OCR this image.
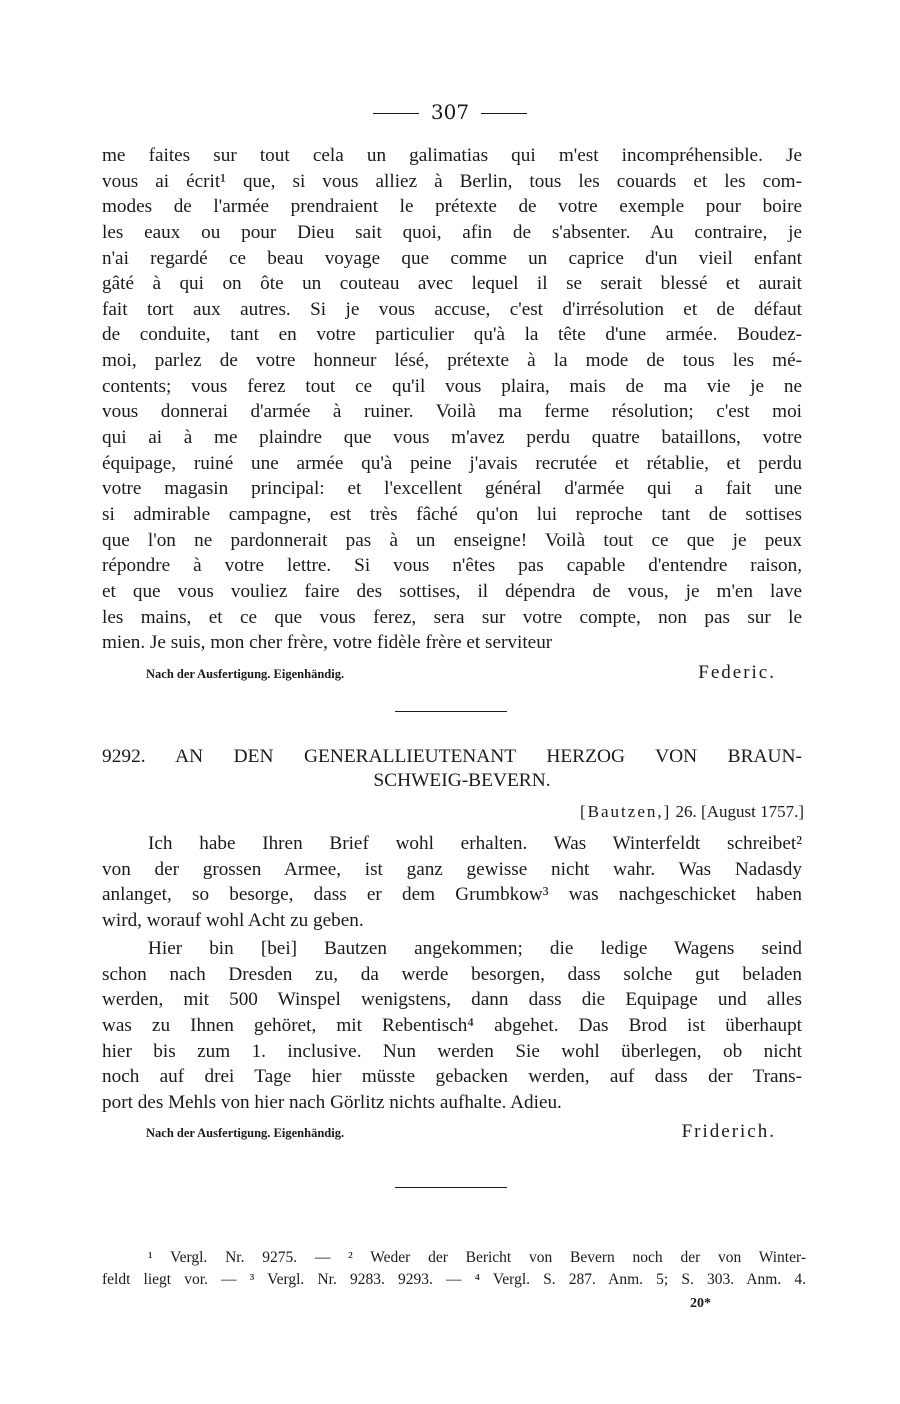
307
me faites sur tout cela un galimatias qui m'est incompréhensible. Je
vous ai écrit¹ que, si vous alliez à Berlin, tous les couards et les com-
modes de l'armée prendraient le prétexte de votre exemple pour boire
les eaux ou pour Dieu sait quoi, afin de s'absenter. Au contraire, je
n'ai regardé ce beau voyage que comme un caprice d'un vieil enfant
gâté à qui on ôte un couteau avec lequel il se serait blessé et aurait
fait tort aux autres. Si je vous accuse, c'est d'irrésolution et de défaut
de conduite, tant en votre particulier qu'à la tête d'une armée. Boudez-
moi, parlez de votre honneur lésé, prétexte à la mode de tous les mé-
contents; vous ferez tout ce qu'il vous plaira, mais de ma vie je ne
vous donnerai d'armée à ruiner. Voilà ma ferme résolution; c'est moi
qui ai à me plaindre que vous m'avez perdu quatre bataillons, votre
équipage, ruiné une armée qu'à peine j'avais recrutée et rétablie, et perdu
votre magasin principal: et l'excellent général d'armée qui a fait une
si admirable campagne, est très fâché qu'on lui reproche tant de sottises
que l'on ne pardonnerait pas à un enseigne! Voilà tout ce que je peux
répondre à votre lettre. Si vous n'êtes pas capable d'entendre raison,
et que vous vouliez faire des sottises, il dépendra de vous, je m'en lave
les mains, et ce que vous ferez, sera sur votre compte, non pas sur le
mien. Je suis, mon cher frère, votre fidèle frère et serviteur
Nach der Ausfertigung. Eigenhändig.	Federic.
9292. AN DEN GENERALLIEUTENANT HERZOG VON BRAUN-
SCHWEIG-BEVERN.
[Bautzen,] 26. [August 1757.]
Ich habe Ihren Brief wohl erhalten. Was Winterfeldt schreibet²
von der grossen Armee, ist ganz gewisse nicht wahr. Was Nadasdy
anlanget, so besorge, dass er dem Grumbkow³ was nachgeschicket haben
wird, worauf wohl Acht zu geben.
Hier bin [bei] Bautzen angekommen; die ledige Wagens seind
schon nach Dresden zu, da werde besorgen, dass solche gut beladen
werden, mit 500 Winspel wenigstens, dann dass die Equipage und alles
was zu Ihnen gehöret, mit Rebentisch⁴ abgehet. Das Brod ist überhaupt
hier bis zum 1. inclusive. Nun werden Sie wohl überlegen, ob nicht
noch auf drei Tage hier müsste gebacken werden, auf dass der Trans-
port des Mehls von hier nach Görlitz nichts aufhalte. Adieu.
Nach der Ausfertigung. Eigenhändig.	Friderich.
¹ Vergl. Nr. 9275. — ² Weder der Bericht von Bevern noch der von Winter-
feldt liegt vor. — ³ Vergl. Nr. 9283. 9293. — ⁴ Vergl. S. 287. Anm. 5; S. 303. Anm. 4.
20*
